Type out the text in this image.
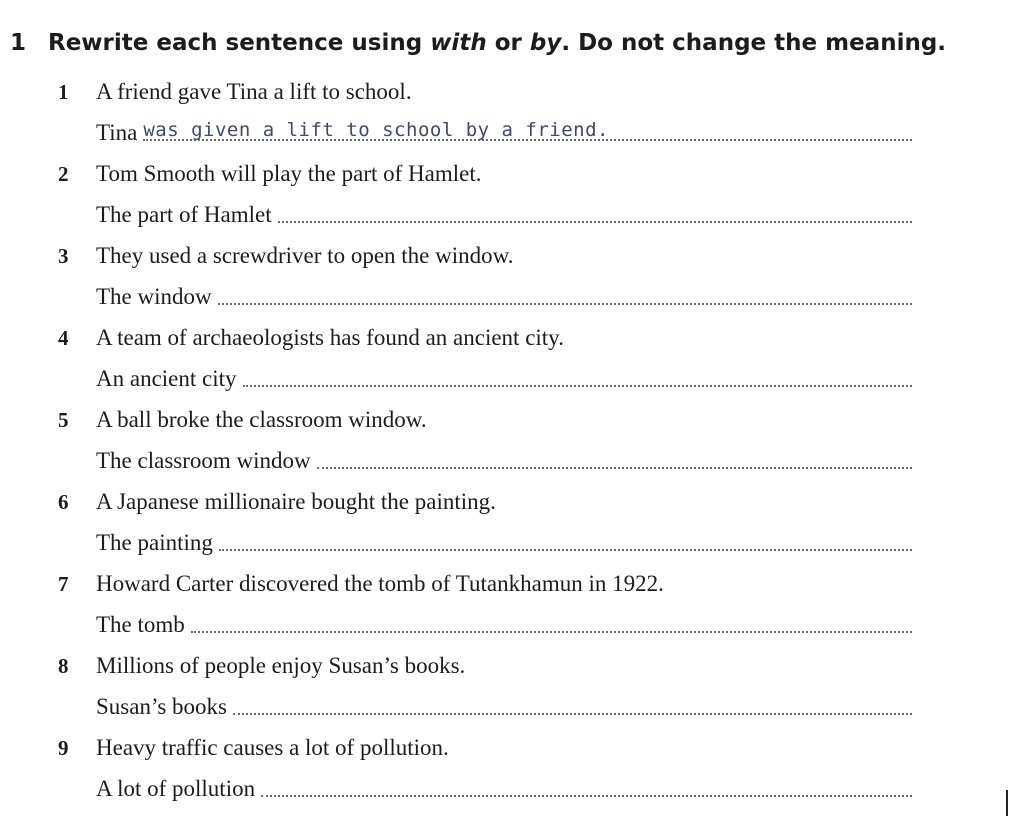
1 Rewrite each sentence using with or by. Do not change the meaning.
1	A friend gave Tina a lift to school.
Tina was given a lift to school by a friend.
2	Tom Smooth will play the part of Hamlet.
The part of Hamlet
3	They used a screwdriver to open the window.
The window
4	A team of archaeologists has found an ancient city.
An ancient city
5	A ball broke the classroom window.
The classroom window
6	A Japanese millionaire bought the painting.
The painting
7	Howard Carter discovered the tomb of Tutankhamun in 1922.
The tomb
8	Millions of people enjoy Susan’s books.
Susan’s books
9	Heavy traffic causes a lot of pollution.
A lot of pollution
